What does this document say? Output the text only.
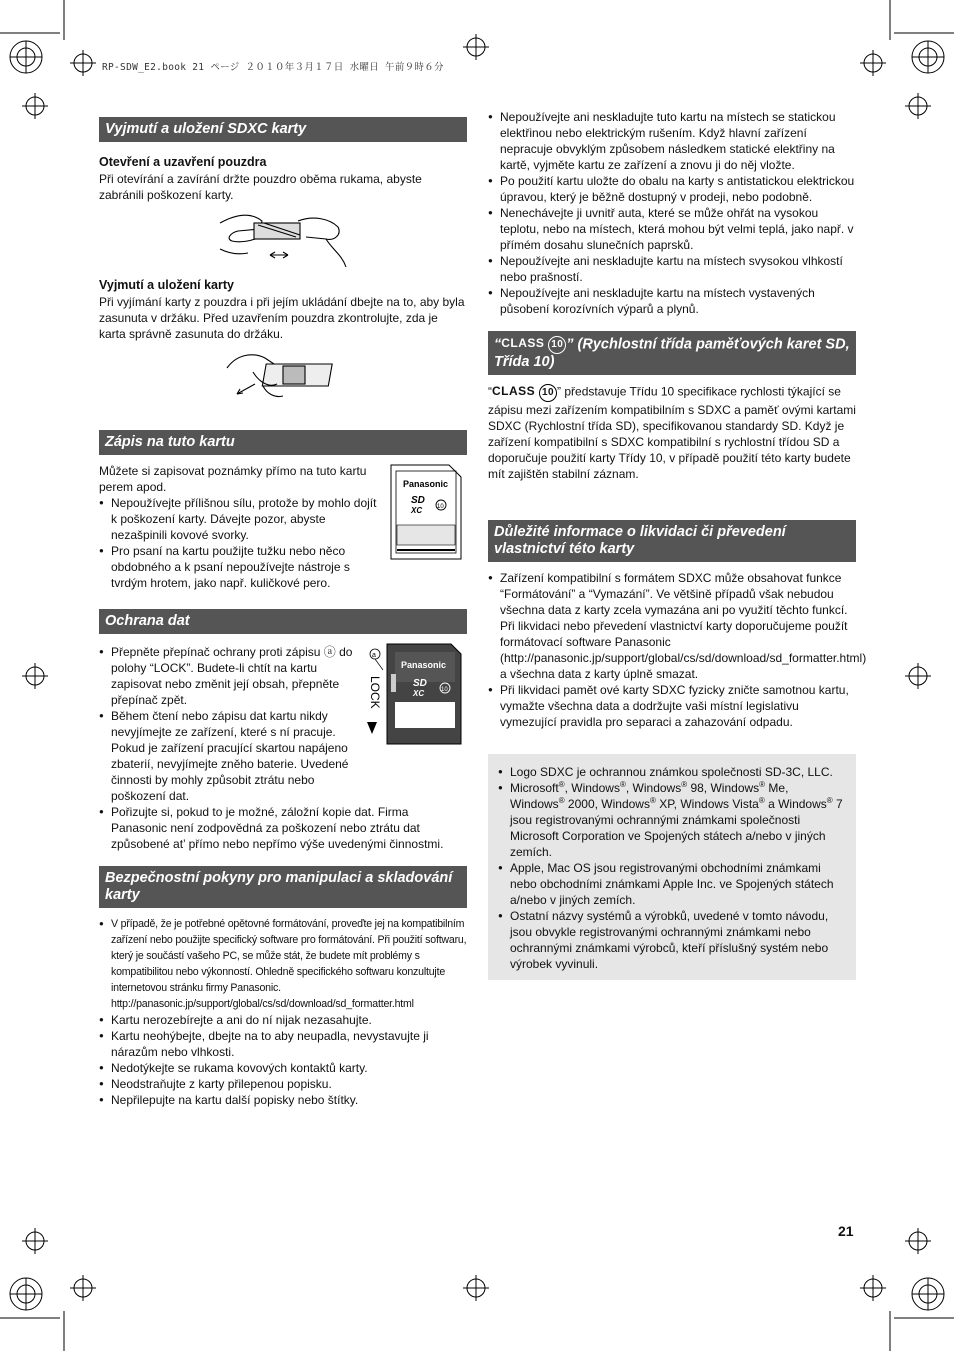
RP-SDW_E2.book 21 ページ ２０１０年３月１７日 水曜日 午前９時６分
Vyjmutí a uložení SDXC karty
Otevření a uzavření pouzdra

Při otevírání a zavírání držte pouzdro oběma rukama, abyste zabránili poškození karty.

Vyjmutí a uložení karty

Při vyjímání karty z pouzdra i při jejím ukládání dbejte na to, aby byla zasunuta v držáku. Před uzavřením pouzdra zkontrolujte, zda je karta správně zasunuta do držáku.

Zápis na tuto kartu

Můžete si zapisovat poznámky přímo na tuto kartu perem apod.

● Nepoužívejte přílišnou sílu, protože by mohlo dojít k poškození karty. Dávejte pozor, abyste nezašpinili kovové svorky.
● Pro psaní na kartu použijte tužku nebo něco obdobného a k psaní nepoužívejte nástroje s tvrdým hrotem, jako např. kuličkové pero.
Panasonic
SD
XC 10
Ochrana dat
● Přepněte přepínač ochrany proti zápisu ⓐ do polohy “LOCK”. Budete-li chtít na kartu zapisovat nebo změnit její obsah, přepněte přepínač zpět.
● Během čtení nebo zápisu dat kartu nikdy nevyjímejte ze zařízení, které s ní pracuje. Pokud je zařízení pracující skartou napájeno zbaterií, nevyjímejte zněho baterie. Uvedené činnosti by mohly způsobit ztrátu nebo poškození dat.
● Pořizujte si, pokud to je možné, záložní kopie dat. Firma Panasonic není zodpovědná za poškození nebo ztrátu dat způsobené at’ přímo nebo nepřímo výše uvedenými činnostmi.
a
Panasonic
SD
XC	10
LOCK
Bezpečnostní pokyny pro manipulaci a skladování karty
● V případě, že je potřebné opětovné formátování, proveďte jej na kompatibilním zařízení nebo použijte specifický software pro formátování. Při použití softwaru, který je součástí vašeho PC, se může stát, že budete mít problémy s kompatibilitou nebo výkonností. Ohledně specifického softwaru konzultujte internetovou stránku firmy Panasonic.
http://panasonic.jp/support/global/cs/sd/download/sd_formatter.html
● Kartu nerozebírejte a ani do ní nijak nezasahujte.
● Kartu neohýbejte, dbejte na to aby neupadla, nevystavujte ji nárazům nebo vlhkosti.
● Nedotýkejte se rukama kovových kontaktů karty.
● Neodstraňujte z karty přilepenou popisku.
● Nepřilepujte na kartu další popisky nebo štítky.
● Nepoužívejte ani neskladujte tuto kartu na místech se statickou elektřinou nebo elektrickým rušením. Když hlavní zařízení nepracuje obvyklým způsobem následkem statické elektřiny na kartě, vyjměte kartu ze zařízení a znovu ji do něj vložte.
● Po použití kartu uložte do obalu na karty s antistatickou elektrickou úpravou, který je běžně dostupný v prodeji, nebo podobně.
● Nenechávejte ji uvnitř auta, které se může ohřát na vysokou teplotu, nebo na místech, která mohou být velmi teplá, jako např. v přímém dosahu slunečních paprsků.
● Nepoužívejte ani neskladujte kartu na místech svysokou vlhkostí nebo prašností.
● Nepoužívejte ani neskladujte kartu na místech vystavených působení korozívních výparů a plynů.
“CLASS 10 ” (Rychlostní třída paměťových karet SD, Třída 10)

“CLASS 10 ” představuje Třídu 10 specifikace rychlosti týkající se zápisu mezi zařízením kompatibilním s SDXC a paměť ovými kartami SDXC (Rychlostní třída SD), specifikovanou standardy SD. Když je zařízení kompatibilní s SDXC kompatibilní s rychlostní třídou SD a doporučuje použití karty Třídy 10, v případě použití této karty budete mít zajištěn stabilní záznam.

Důležité informace o likvidaci či převedení vlastnictví této karty
● Zařízení kompatibilní s formátem SDXC může obsahovat funkce “Formátování” a “Vymazání”. Ve většině případů však nebudou všechna data z karty zcela vymazána ani po využití těchto funkcí. Při likvidaci nebo převedení vlastnictví karty doporučujeme použít formátovací software Panasonic (http://panasonic.jp/support/global/cs/sd/download/sd_formatter.html) a všechna data z karty úplně smazat.
● Při likvidaci pamět ové karty SDXC fyzicky zničte samotnou kartu, vymažte všechna data a dodržujte vaši místní legislativu vymezující pravidla pro separaci a zahazování odpadu.
● Logo SDXC je ochrannou známkou společnosti SD-3C, LLC.
● Microsoft®, Windows®, Windows® 98, Windows® Me, Windows® 2000, Windows® XP, Windows Vista® a Windows® 7 jsou registrovanými ochrannými známkami společnosti Microsoft Corporation ve Spojených státech a/nebo v jiných zemích.
● Apple, Mac OS jsou registrovanými obchodními známkami nebo obchodními známkami Apple Inc. ve Spojených státech a/nebo v jiných zemích.
● Ostatní názvy systémů a výrobků, uvedené v tomto návodu, jsou obvykle registrovanými ochrannými známkami nebo ochrannými známkami výrobců, kteří příslušný systém nebo výrobek vyvinuli.
21
